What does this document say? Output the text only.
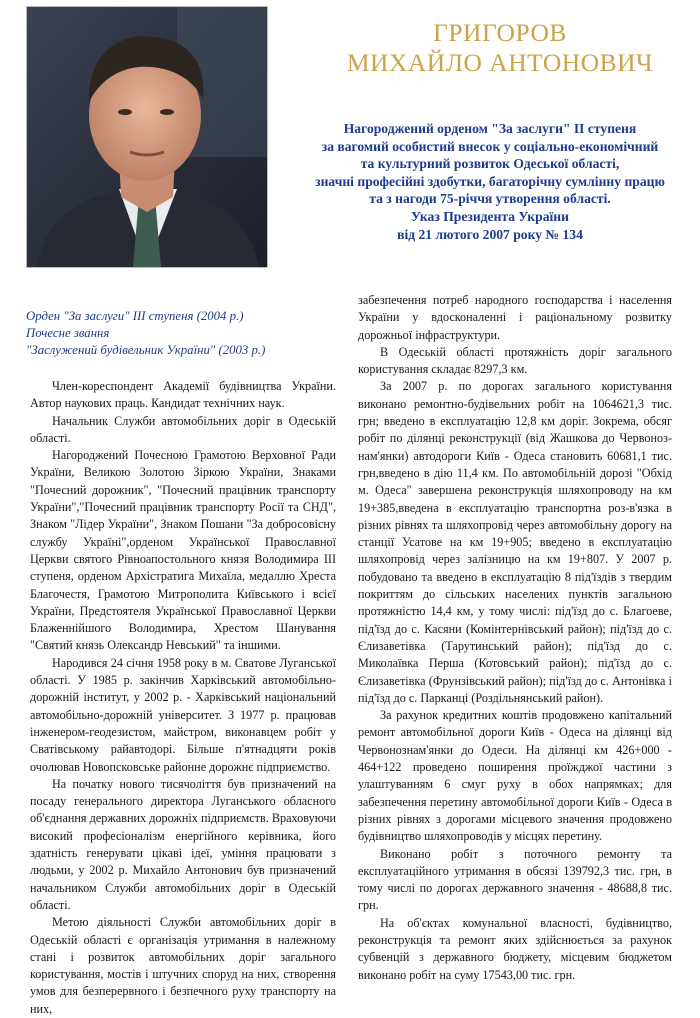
ГРИГОРОВ
МИХАЙЛО АНТОНОВИЧ
Нагороджений орденом "За заслуги" II ступеня
за вагомий особистий внесок у соціально-економічний
та культурний розвиток Одеської області,
значні професійні здобутки, багаторічну сумлінну працю
та з нагоди 75-річчя утворення області.
Указ Президента України
від 21 лютого 2007 року № 134
Орден "За заслуги" III ступеня (2004 р.)
Почесне звання
"Заслужений будівельник України" (2003 р.)

Член-кореспондент Академії будівництва України. Автор наукових праць. Кандидат технічних наук.

Начальник Служби автомобільних доріг в Одеській області.

Нагороджений Почесною Грамотою Верховної Ради України, Великою Золотою Зіркою України, Знаками "Почесний дорожник", "Почесний працівник транспорту України","Почесний працівник транспорту Росії та СНД", Знаком "Лідер України", Знаком Пошани "За добросовісну службу Україні",орденом Української Православної Церкви святого Рівноапостольного князя Володимира III ступеня, орденом Архістратига Михаїла, медаллю Хреста Благочестя, Грамотою Митрополита Київського і всієї України, Предстоятеля Української Православної Церкви Блаженнійшого Володимира, Хрестом Шанування "Святий князь Олександр Невський" та іншими.

Народився 24 січня 1958 року в м. Сватове Луганської області. У 1985 р. закінчив Харківський автомобільно-дорожній інститут, у 2002 р. - Харківський національний автомобільно-дорожній університет. З 1977 р. працював інженером-геодезистом, майстром, виконавцем робіт у Сватівському райавтодорі. Більше п'ятнадцяти років очолював Новопсковське районне дорожнє підприємство.

На початку нового тисячоліття був призначений на посаду генерального директора Луганського обласного об'єднання державних дорожніх підприємств. Враховуючи високий професіоналізм енергійного керівника, його здатність генерувати цікаві ідеї, уміння працювати з людьми, у 2002 р. Михайло Антонович був призначений начальником Служби автомобільних доріг в Одеській області.

Метою діяльності Служби автомобільних доріг в Одеській області є організація утримання в належному стані і розвиток автомобільних доріг загального користування, мостів і штучних споруд на них, створення умов для безперервного і безпечного руху транспорту на них,

забезпечення потреб народного господарства і населення України у вдосконаленні і раціональному розвитку дорожньої інфраструктури.

В Одеській області протяжність доріг загального користування складає 8297,3 км.

За 2007 р. по дорогах загального користування виконано ремонтно-будівельних робіт на 1064621,3 тис. грн; введено в експлуатацію 12,8 км доріг. Зокрема, обсяг робіт по ділянці реконструкції (від Жашкова до Червонознам'янки) автодороги Київ - Одеса становить 60681,1 тис. грн,введено в дію 11,4 км. По автомобільній дорозі "Обхід м. Одеса" завершена реконструкція шляхопроводу на км 19+385,введена в експлуатацію транспортна роз-в'язка в різних рівнях та шляхопровід через автомобільну дорогу на станції Усатове на км 19+905; введено в експлуатацію шляхопровід через залізницю на км 19+807. У 2007 р. побудовано та введено в експлуатацію 8 під'їздів з твердим покриттям до сільських населених пунктів загальною протяжністю 14,4 км, у тому числі: під'їзд до с. Благоеве, під'їзд до с. Касяни (Комінтернівський район); під'їзд до с. Єлизаветівка (Тарутинський район); під'їзд до с. Миколаївка Перша (Котовський район); під'їзд до с. Єлизаветівка (Фрунзівський район); під'їзд до с. Антонівка і під'їзд до с. Парканці (Роздільнянський район).

За рахунок кредитних коштів продовжено капітальний ремонт автомобільної дороги Київ - Одеса на ділянці від Червонознам'янки до Одеси. На ділянці км 426+000 - 464+122 проведено поширення проїжджої частини з улаштуванням 6 смуг руху в обох напрямках; для забезпечення перетину автомобільної дороги Київ - Одеса в різних рівнях з дорогами місцевого значення продовжено будівництво шляхопроводів у місцях перетину.

Виконано робіт з поточного ремонту та експлуатаційного утримання в обсязі 139792,3 тис. грн, в тому числі по дорогах державного значення - 48688,8 тис. грн.

На об'єктах комунальної власності, будівництво, реконструкція та ремонт яких здійснюється за рахунок субвенцій з державного бюджету, місцевим бюджетом виконано робіт на суму 17543,00 тис. грн.
